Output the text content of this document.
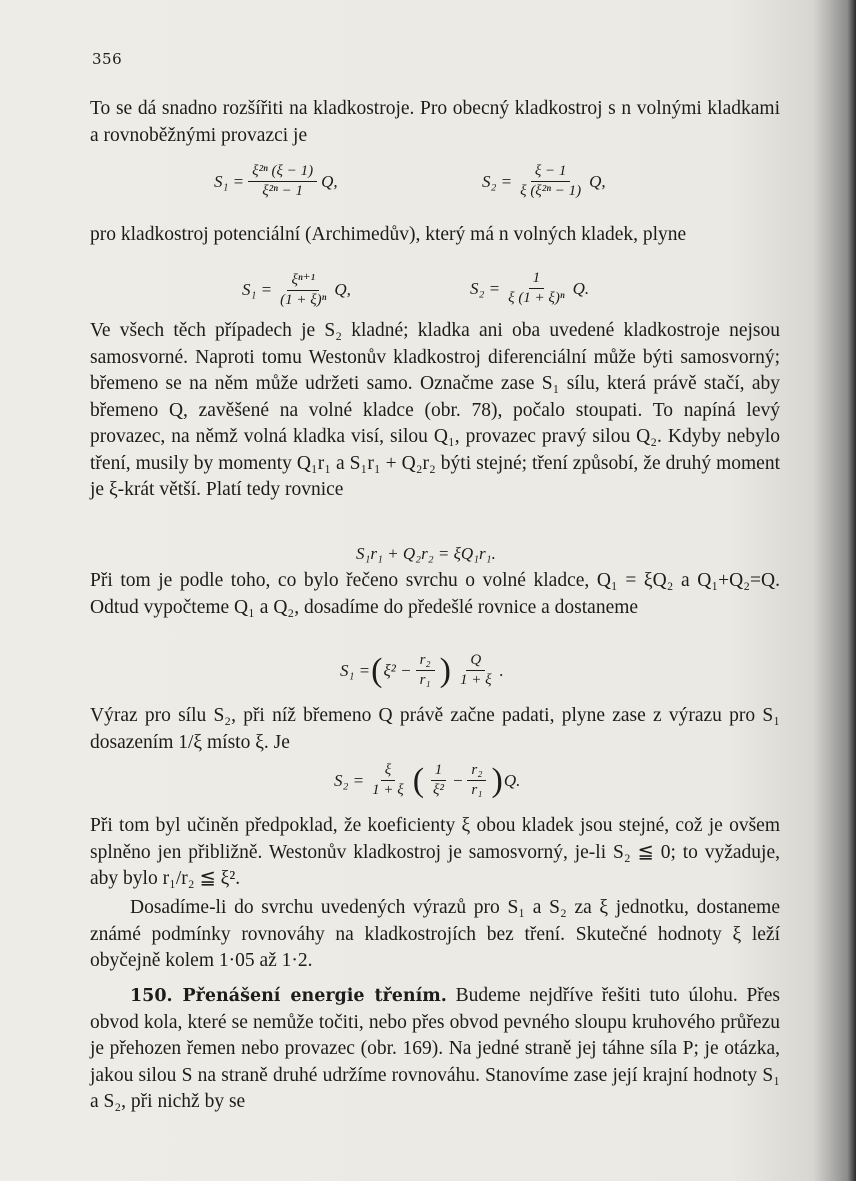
356
To se dá snadno rozšířiti na kladkostroje. Pro obecný kladkostroj s n volnými kladkami a rovnoběžnými provazci je
$S_1 = \frac{\text{ξ²ⁿ (ξ − 1)}}{\text{ξ²ⁿ − 1}} Q$,	$S_2 = \frac{\xi - 1}{\text{ξ (ξ²ⁿ − 1)}} Q$,
pro kladkostroj potenciální (Archimedův), který má n volných kladek, plyne
$S_1 = \frac{\text{ξⁿ⁺¹}}{\text{(1 + ξ)ⁿ}} Q$,	$S_2 = \frac{1}{\text{ξ (1 + ξ)ⁿ}} Q$.
Ve všech těch případech je S₂ kladné; kladka ani oba uvedené kladkostroje nejsou samosvorné. Naproti tomu Westonův kladkostroj diferenciální může býti samosvorný; břemeno se na něm může udržeti samo. Označme zase S₁ sílu, která právě stačí, aby břemeno Q, zavěšené na volné kladce (obr. 78), počalo stoupati. To napíná levý provazec, na němž volná kladka visí, silou Q₁, provazec pravý silou Q₂. Kdyby nebylo tření, musily by momenty Q₁r₁ a S₁r₁ + Q₂r₂ býti stejné; tření způsobí, že druhý moment je ξ-krát větší. Platí tedy rovnice
S₁r₁ + Q₂r₂ = ξQ₁r₁.
Při tom je podle toho, co bylo řečeno svrchu o volné kladce, Q₁ = ξQ₂ a Q₁+Q₂=Q. Odtud vypočteme Q₁ a Q₂, dosadíme do předešlé rovnice a dostaneme
S₁ = ( $\xi^2 - \frac{\text{r₂}}{\text{r₁}}$ ) $\frac{Q}{1 + \xi}$ .
Výraz pro sílu S₂, při níž břemeno Q právě začne padati, plyne zase z výrazu pro S₁ dosazením 1/ξ místo ξ. Je
$S_2 = \frac{\xi}{1 + \xi}$ ( $\frac{1}{\text{ξ²}} - \frac{\text{r₂}}{\text{r₁}}$ ) Q.
Při tom byl učiněn předpoklad, že koeficienty ξ obou kladek jsou stejné, což je ovšem splněno jen přibližně. Westonův kladkostroj je samosvorný, je-li S₂ ≦ 0; to vyžaduje, aby bylo r₁/r₂ ≦ ξ².
Dosadíme-li do svrchu uvedených výrazů pro S₁ a S₂ za ξ jednotku, dostaneme známé podmínky rovnováhy na kladkostrojích bez tření. Skutečné hodnoty ξ leží obyčejně kolem 1·05 až 1·2.
150. Přenášení energie třením. Budeme nejdříve řešiti tuto úlohu. Přes obvod kola, které se nemůže točiti, nebo přes obvod pevného sloupu kruhového průřezu je přehozen řemen nebo provazec (obr. 169). Na jedné straně jej táhne síla P; je otázka, jakou silou S na straně druhé udržíme rovnováhu. Stanovíme zase její krajní hodnoty S₁ a S₂, při nichž by se
